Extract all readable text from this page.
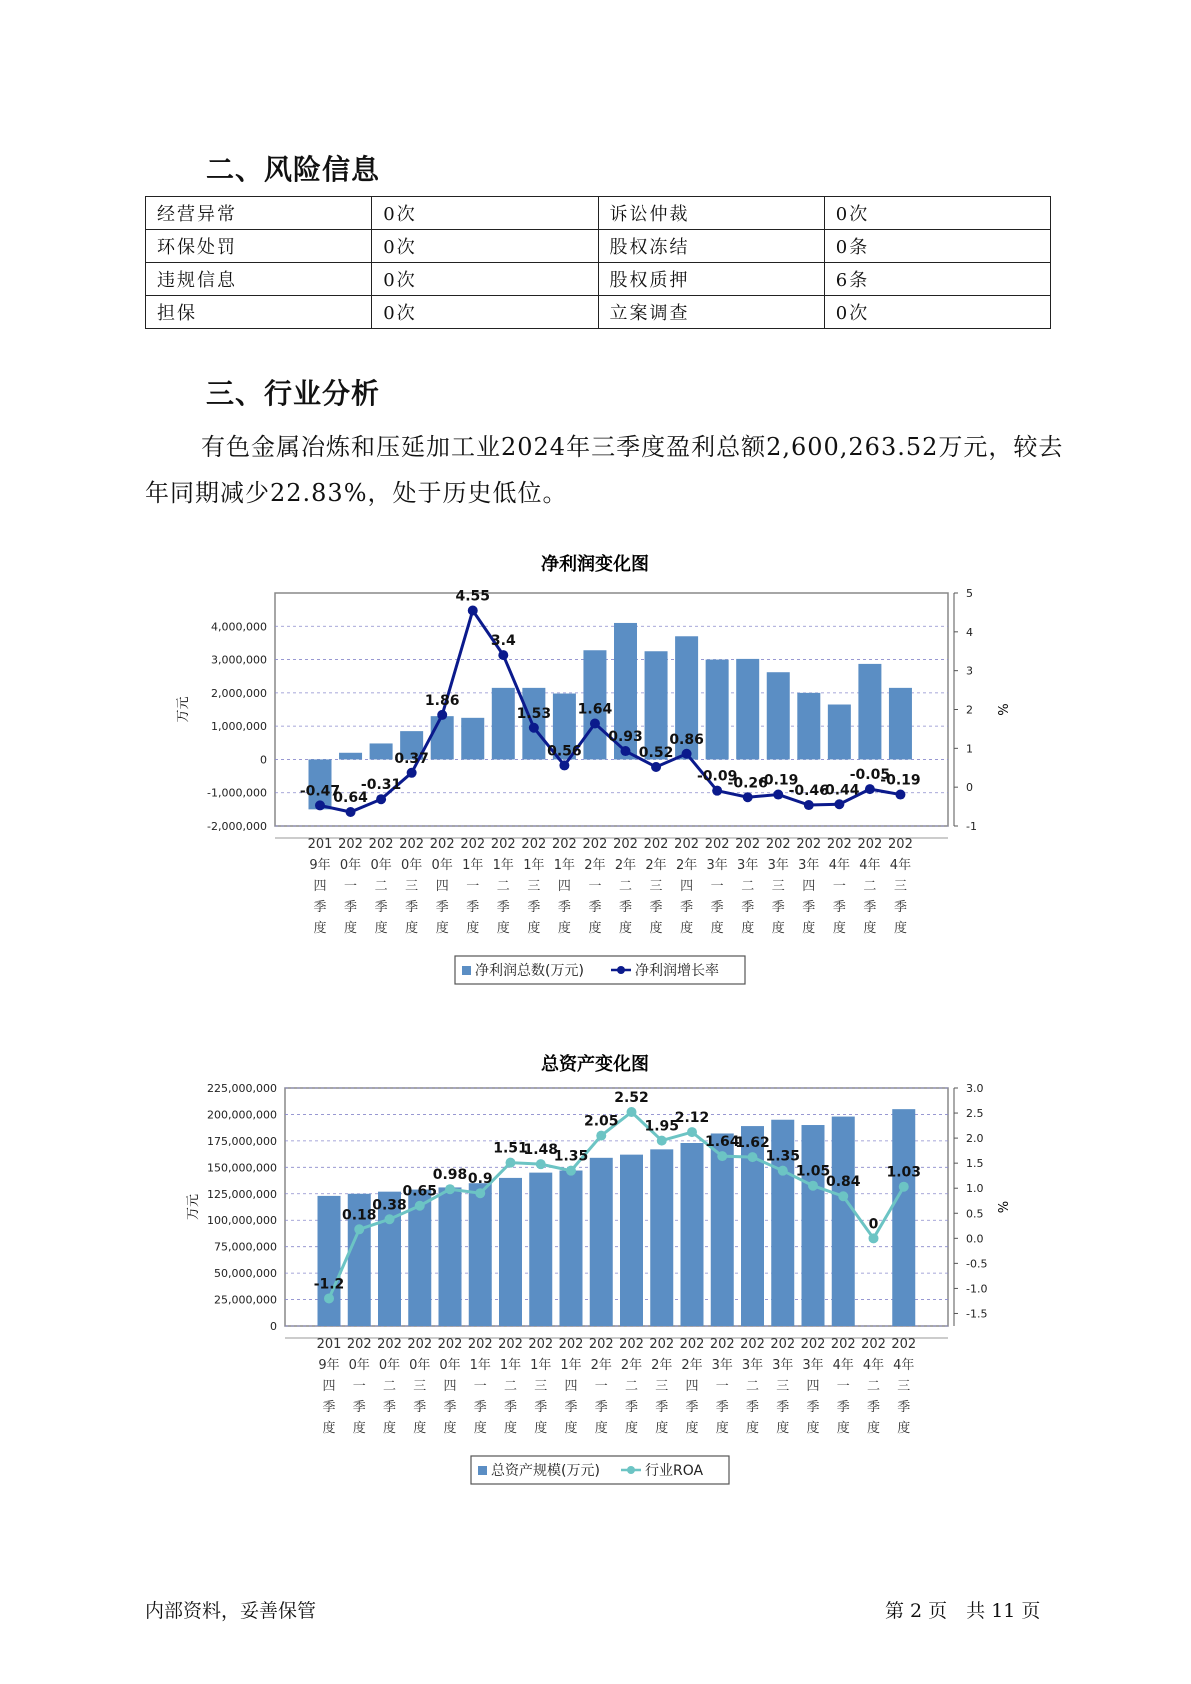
二、风险信息
经营异常	0次	诉讼仲裁	0次
环保处罚	0次	股权冻结	0条
违规信息	0次	股权质押	6条
担保	0次	立案调查	0次
三、行业分析
有色金属冶炼和压延加工业2024年三季度盈利总额2,600,263.52万元，较去年同期减少22.83%，处于历史低位。
净利润变化图
-2,000,000
-1,000,000
0
1,000,000
2,000,000
3,000,000
4,000,000
-1
0
1
2
3
4
5
万元	%
-0.47
0.64
-0.31
0.37
1.86
4.55
3.4
1.53
0.56
1.64
0.93
0.52
0.86
-0.09
-0.26
-0.19
-0.46
-0.44
-0.05
-0.19
201 9年四季度
202 0年一季度
202 0年二季度
202 0年三季度
202 0年四季度
202 1年一季度
202 1年二季度
202 1年三季度
202 1年四季度
202 2年一季度
202 2年二季度
202 2年三季度
202 2年四季度
202 3年一季度
202 3年二季度
202 3年三季度
202 3年四季度
202 4年一季度
202 4年二季度
202 4年三季度
净利润总数(万元)	净利润增长率
总资产变化图
0
25,000,000
50,000,000
75,000,000
100,000,000
125,000,000
150,000,000
175,000,000
200,000,000
225,000,000
-1.5
-1.0
-0.5
0.0
0.5
1.0
1.5
2.0
2.5
3.0
万元	%
-1.2
0.18
0.38
0.65
0.98 0.9
1.51
1.48
1.35
2.05
2.52
1.95
2.12
1.64
1.62
1.35
1.05
0.84
0
1.03
201 9年四季度
202 0年一季度
202 0年二季度
202 0年三季度
202 0年四季度
202 1年一季度
202 1年二季度
202 1年三季度
202 1年四季度
202 2年一季度
202 2年二季度
202 2年三季度
202 2年四季度
202 3年一季度
202 3年二季度
202 3年三季度
202 3年四季度
202 4年一季度
202 4年二季度
202 4年三季度
总资产规模(万元)	行业ROA
内部资料，妥善保管	第 2 页　共 11 页
